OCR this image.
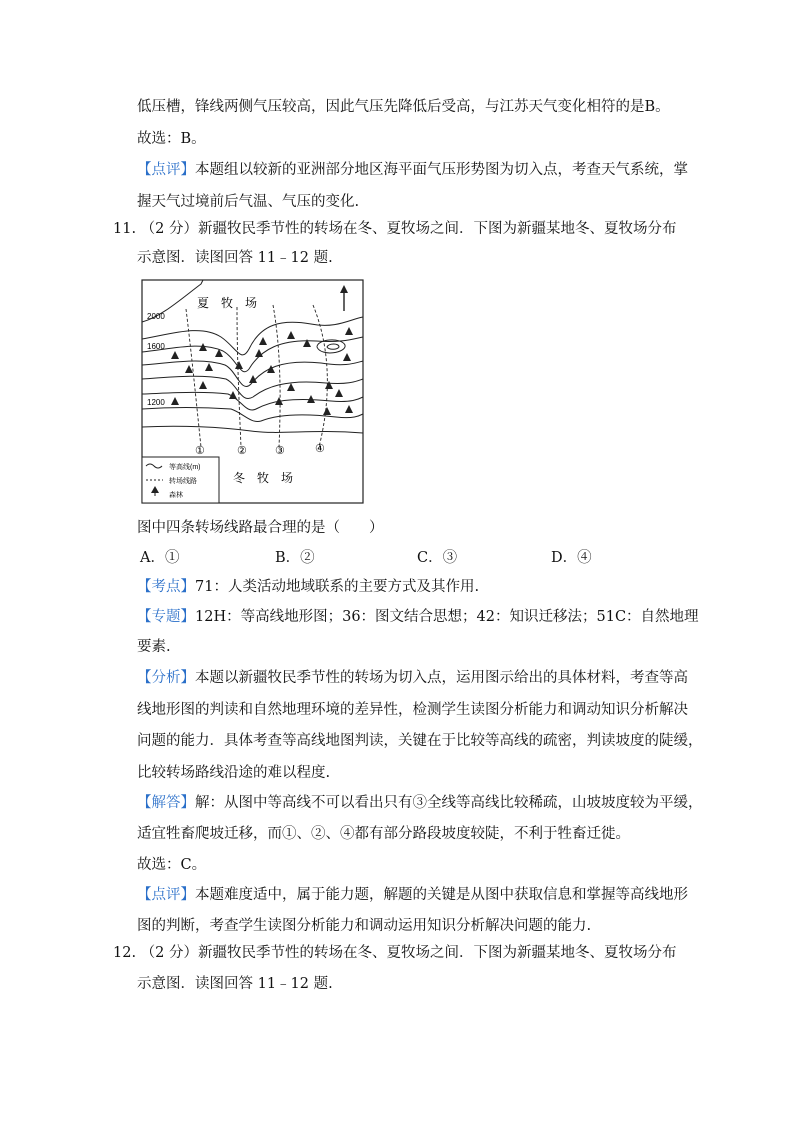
低压槽，锋线两侧气压较高，因此气压先降低后受高，与江苏天气变化相符的是B。
故选：B。
【点评】本题组以较新的亚洲部分地区海平面气压形势图为切入点，考查天气系统，掌
握天气过境前后气温、气压的变化.
11. （2 分）新疆牧民季节性的转场在冬、夏牧场之间．下图为新疆某地冬、夏牧场分布
示意图．读图回答 11﹣12 题.
等高线(m)
转场线路
森林
夏　牧　场
冬　牧　场
2000
1600
1200
①	②	③	④
图中四条转场线路最合理的是（　　）
A．①	B．②	C．③	D．④
【考点】71：人类活动地域联系的主要方式及其作用.
【专题】12H：等高线地形图；36：图文结合思想；42：知识迁移法；51C：自然地理
要素.
【分析】本题以新疆牧民季节性的转场为切入点，运用图示给出的具体材料，考查等高
线地形图的判读和自然地理环境的差异性，检测学生读图分析能力和调动知识分析解决
问题的能力．具体考查等高线地图判读，关键在于比较等高线的疏密，判读坡度的陡缓，
比较转场路线沿途的难以程度.
【解答】解：从图中等高线不可以看出只有③全线等高线比较稀疏，山坡坡度较为平缓，
适宜牲畜爬坡迁移，而①、②、④都有部分路段坡度较陡，不利于牲畜迁徙。
故选：C。
【点评】本题难度适中，属于能力题，解题的关键是从图中获取信息和掌握等高线地形
图的判断，考查学生读图分析能力和调动运用知识分析解决问题的能力.
12. （2 分）新疆牧民季节性的转场在冬、夏牧场之间．下图为新疆某地冬、夏牧场分布
示意图．读图回答 11﹣12 题.
